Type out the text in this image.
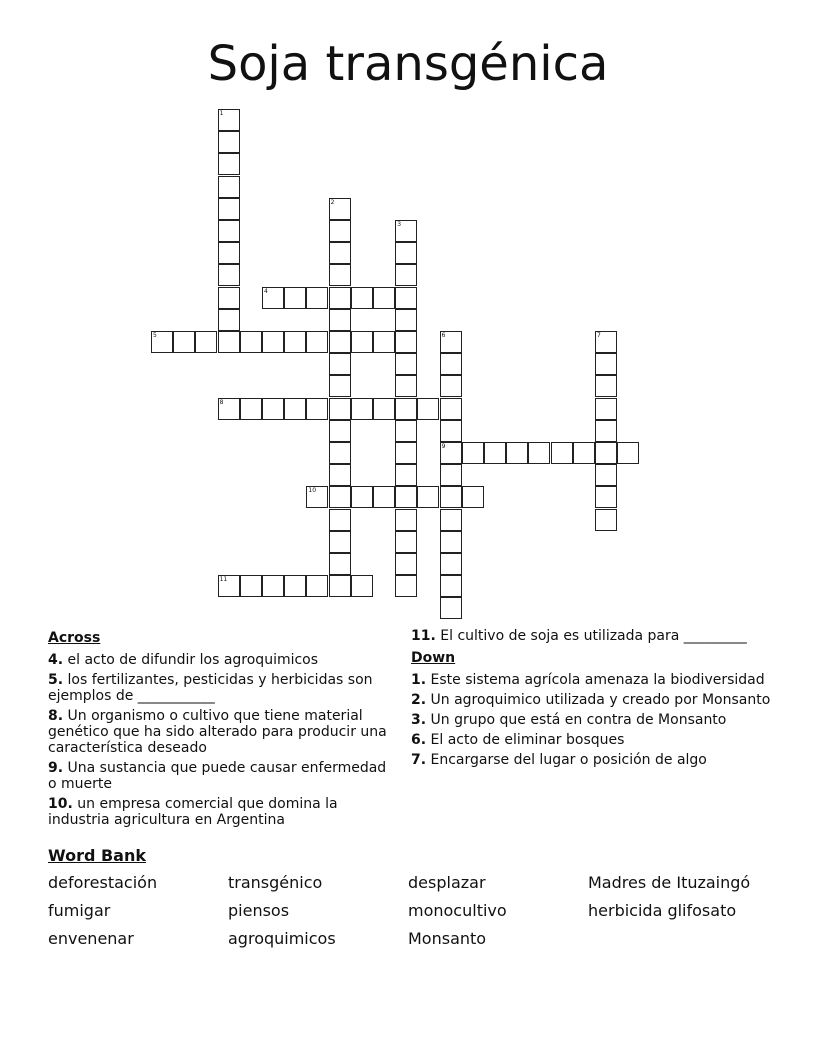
Soja transgénica
1
2
3
4
5	6
9
7
8
10
11
Across
4. el acto de difundir los agroquimicos
5. los fertilizantes, pesticidas y herbicidas son ejemplos de ___________
8. Un organismo o cultivo que tiene material genético que ha sido alterado para producir una característica deseado
9. Una sustancia que puede causar enfermedad o muerte
10. un empresa comercial que domina la industria agricultura en Argentina
11. El cultivo de soja es utilizada para _________
Down
1. Este sistema agrícola amenaza la biodiversidad
2. Un agroquimico utilizada y creado por Monsanto
3. Un grupo que está en contra de Monsanto
6. El acto de eliminar bosques
7. Encargarse del lugar o posición de algo
Word Bank
deforestación	transgénico	desplazar	Madres de Ituzaingó
fumigar	piensos	monocultivo	herbicida glifosato
envenenar	agroquimicos	Monsanto
